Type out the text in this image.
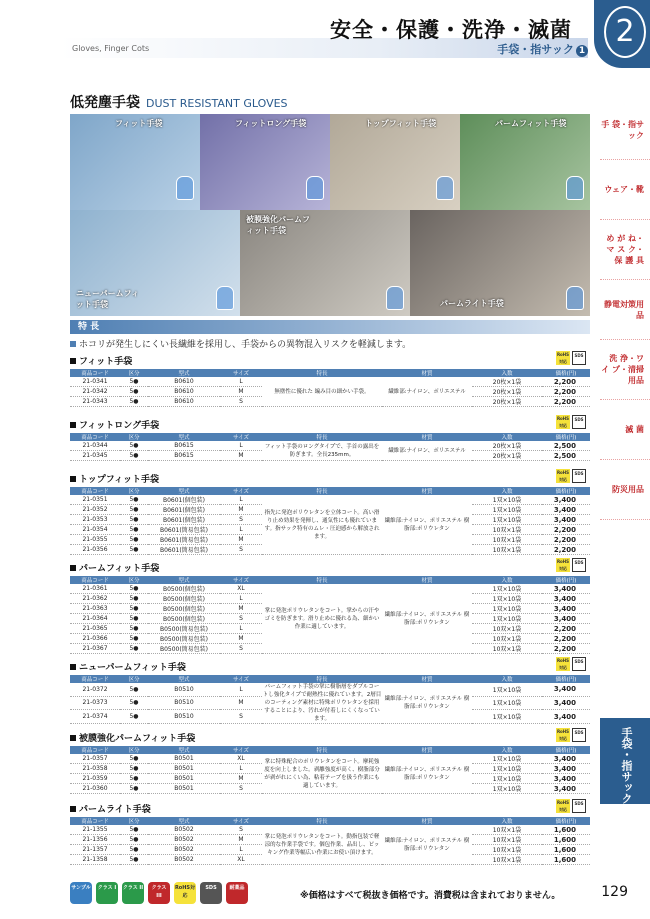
安全・保護・洗浄・滅菌
Gloves, Finger Cots	手袋・指サック 1
2
手 袋・指サック
ウェア・靴
め が ね・マ ス ク・保 護 具
静電対策用 品
洗 浄・ワ イ プ・清掃用品
滅 菌
防災用品
手袋・指サック
低発塵手袋 DUST RESISTANT GLOVES
フィット手袋	フィットロング手袋	トップフィット手袋	パームフィット手袋
ニューパームフィット手袋
被膜強化パームフィット手袋
パームライト手袋
特 長
ホコリが発生しにくい長繊維を採用し、手袋からの異物混入リスクを軽減します。
フィット手袋
RoHS 対応
SDS
商品コード	区分	型式	サイズ	特長	材質	入数	価格(円)
21-0341	5●	B0610	L	無塵性に優れた 編み目の細かい手袋。	繊維部:ナイロン、ポリエステル	20枚×1袋	2,200
21-0342	5●	B0610	M			20枚×1袋	2,200
21-0343	5●	B0610	S			20枚×1袋	2,200
フィットロング手袋
RoHS 対応
SDS
商品コード	区分	型式	サイズ	特長	材質	入数	価格(円)
21-0344	5●	B0615	L	フィット手袋のロングタイプで、手首の露出を防ぎます。全長235mm。	繊維部:ナイロン、ポリエステル	20枚×1袋	2,500
21-0345	5●	B0615	M			20枚×1袋	2,500
トップフィット手袋
RoHS 対応
SDS
商品コード	区分	型式	サイズ	特長	材質	入数	価格(円)
21-0351	5●	B0601(個包装)	L	指先に発泡ポリウレタンを立体コート。高い滑り止め効果を発揮し、通気性にも優れています。指サック特有のムレ・圧迫感から解放されます。	繊維部:ナイロン、ポリエステル 樹脂部:ポリウレタン	1双×10袋	3,400
21-0352	5●	B0601(個包装)	M			1双×10袋	3,400
21-0353	5●	B0601(個包装)	S			1双×10袋	3,400
21-0354	5●	B0601(簡易包装)	L			10双×1袋	2,200
21-0355	5●	B0601(簡易包装)	M			10双×1袋	2,200
21-0356	5●	B0601(簡易包装)	S			10双×1袋	2,200
パームフィット手袋
RoHS 対応
SDS
商品コード	区分	型式	サイズ	特長	材質	入数	価格(円)
21-0361	5●	B0500(個包装)	XL	掌に発泡ポリウレタンをコート。掌からの汗やゴミを防ぎます。滑り止めに優れる為、細かい作業に適しています。	繊維部:ナイロン、ポリエステル 樹脂部:ポリウレタン	1双×10袋	3,400
21-0362	5●	B0500(個包装)	L			1双×10袋	3,400
21-0363	5●	B0500(個包装)	M			1双×10袋	3,400
21-0364	5●	B0500(個包装)	S			1双×10袋	3,400
21-0365	5●	B0500(簡易包装)	L			10双×1袋	2,200
21-0366	5●	B0500(簡易包装)	M			10双×1袋	2,200
21-0367	5●	B0500(簡易包装)	S			10双×1袋	2,200
ニューパームフィット手袋
RoHS 対応
SDS
商品コード	区分	型式	サイズ	特長	材質	入数	価格(円)
21-0372	5●	B0510	L	パームフィット手袋の掌に樹脂層をダブルコートし強化タイプで耐熱性に優れています。2層目のコーティング素材に特殊ポリウレタンを採用することにより、汚れが付着しにくくなっています。	繊維部:ナイロン、ポリエステル 樹脂部:ポリウレタン	1双×10袋	3,400
21-0373	5●	B0510	M			1双×10袋	3,400
21-0374	5●	B0510	S			1双×10袋	3,400
被膜強化パームフィット手袋
RoHS 対応
SDS
商品コード	区分	型式	サイズ	特長	材質	入数	価格(円)
21-0357	5●	B0501	XL	掌に特殊配合のポリウレタンをコート。摩耗強度を向上しました。剥離強度が高く、樹脂部分が剥がれにくい為、粘着テープを扱う作業にも適しています。	繊維部:ナイロン、ポリエステル 樹脂部:ポリウレタン	1双×10袋	3,400
21-0358	5●	B0501	L			1双×10袋	3,400
21-0359	5●	B0501	M			1双×10袋	3,400
21-0360	5●	B0501	S			1双×10袋	3,400
パームライト手袋
RoHS 対応
SDS
商品コード	区分	型式	サイズ	特長	材質	入数	価格(円)
21-1355	5●	B0502	S	掌に発泡ポリウレタンをコート。動指包装で軽涼的な作業手袋です。個包作業、品出し、ピッキング作業等幅広い作業にお使い頂けます。	繊維部:ナイロン、ポリエステル 樹脂部:ポリウレタン	10双×1袋	1,600
21-1356	5●	B0502	M			10双×1袋	1,600
21-1357	5●	B0502	L			10双×1袋	1,600
21-1358	5●	B0502	XL			10双×1袋	1,600
サンプル	クラス I	クラス II	クラス III
RoHS対応
SDS	耐薬品
※価格はすべて税抜き価格です。消費税は含まれておりません。	129
